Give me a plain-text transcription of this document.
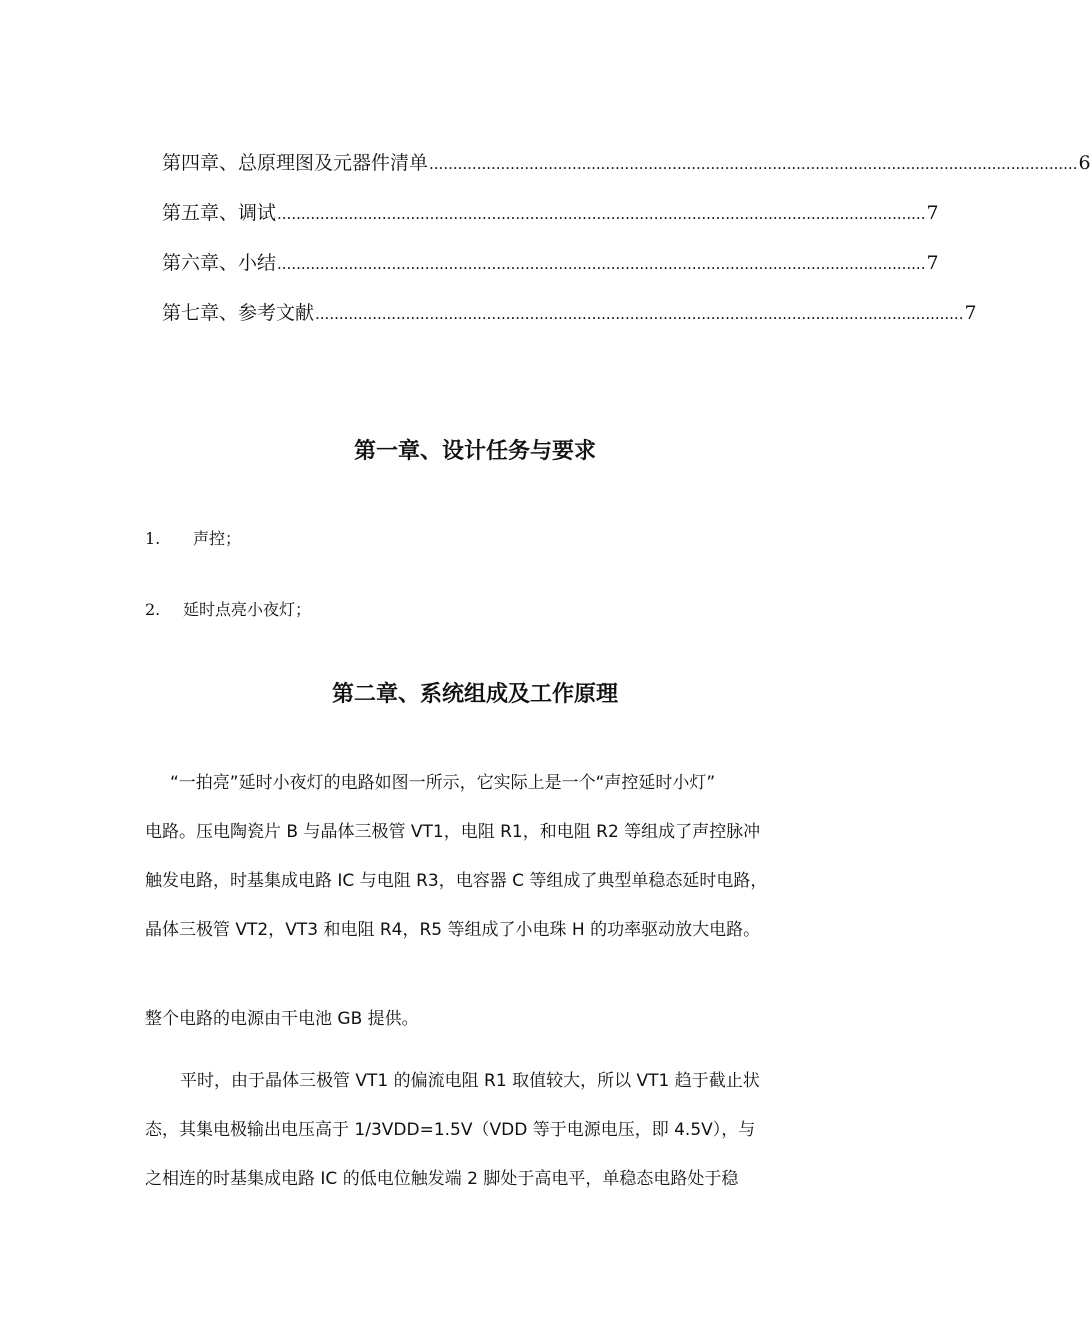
第四章、总原理图及元器件清单 ........................................................................................................................................ 6
第五章、调试 ........................................................................................................................................ 7
第六章、小结 ........................................................................................................................................ 7
第七章、参考文献 ........................................................................................................................................ 7
第一章、设计任务与要求
1. 声控；
2. 延时点亮小夜灯；
第二章、系统组成及工作原理
“一拍亮”延时小夜灯的电路如图一所示，它实际上是一个“声控延时小灯”
电路。压电陶瓷片 B 与晶体三极管 VT1，电阻 R1，和电阻 R2 等组成了声控脉冲
触发电路，时基集成电路 IC 与电阻 R3，电容器 C 等组成了典型单稳态延时电路，
晶体三极管 VT2，VT3 和电阻 R4，R5 等组成了小电珠 H 的功率驱动放大电路。
整个电路的电源由干电池 GB 提供。
平时，由于晶体三极管 VT1 的偏流电阻 R1 取值较大，所以 VT1 趋于截止状
态，其集电极输出电压高于 1/3VDD=1.5V（VDD 等于电源电压，即 4.5V），与
之相连的时基集成电路 IC 的低电位触发端 2 脚处于高电平，单稳态电路处于稳
